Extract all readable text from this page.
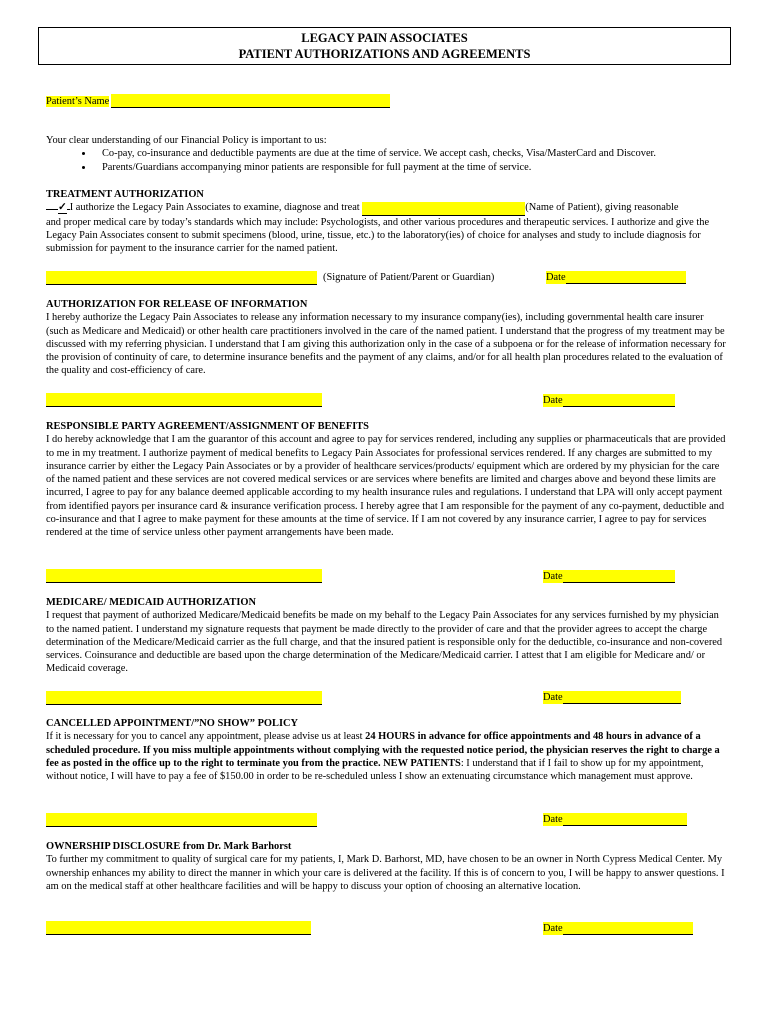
LEGACY PAIN ASSOCIATES
PATIENT AUTHORIZATIONS AND AGREEMENTS
Patient’s Name
Your clear understanding of our Financial Policy is important to us:
• Co-pay, co-insurance and deductible payments are due at the time of service. We accept cash, checks, Visa/MasterCard and Discover.
• Parents/Guardians accompanying minor patients are responsible for full payment at the time of service.
TREATMENT AUTHORIZATION
✓ I authorize the Legacy Pain Associates to examine, diagnose and treat	(Name of Patient), giving reasonable
and proper medical care by today’s standards which may include: Psychologists, and other various procedures and therapeutic services. I authorize and give the Legacy Pain Associates consent to submit specimens (blood, urine, tissue, etc.) to the laboratory(ies) of choice for analyses and study to include diagnosis for submission for payment to the insurance carrier for the named patient.
(Signature of Patient/Parent or Guardian)	Date
AUTHORIZATION FOR RELEASE OF INFORMATION
I hereby authorize the Legacy Pain Associates to release any information necessary to my insurance company(ies), including governmental health care insurer (such as Medicare and Medicaid) or other health care practitioners involved in the care of the named patient. I understand that the progress of my treatment may be discussed with my referring physician. I understand that I am giving this authorization only in the case of a subpoena or for the release of information necessary for the provision of continuity of care, to determine insurance benefits and the payment of any claims, and/or for all health plan procedures related to the evaluation of the quality and cost-efficiency of care.
Date
RESPONSIBLE PARTY AGREEMENT/ASSIGNMENT OF BENEFITS
I do hereby acknowledge that I am the guarantor of this account and agree to pay for services rendered, including any supplies or pharmaceuticals that are provided to me in my treatment. I authorize payment of medical benefits to Legacy Pain Associates for professional services rendered. If any charges are submitted to my insurance carrier by either the Legacy Pain Associates or by a provider of healthcare services/products/ equipment which are ordered by my physician for the care of the named patient and these services are not covered medical services or are services where benefits are limited and charges above and beyond these limits are incurred, I agree to pay for any balance deemed applicable according to my health insurance rules and regulations. I understand that LPA will only accept payment from identified payors per insurance card & insurance verification process. I hereby agree that I am responsible for the payment of any co-payment, deductible and co-insurance and that I agree to make payment for these amounts at the time of service. If I am not covered by any insurance carrier, I agree to pay for services rendered at the time of service unless other payment arrangements have been made.
Date
MEDICARE/ MEDICAID AUTHORIZATION
I request that payment of authorized Medicare/Medicaid benefits be made on my behalf to the Legacy Pain Associates for any services furnished by my physician to the named patient. I understand my signature requests that payment be made directly to the provider of care and that the provider agrees to accept the charge determination of the Medicare/Medicaid carrier as the full charge, and that the insured patient is responsible only for the deductible, co-insurance and non-covered services. Coinsurance and deductible are based upon the charge determination of the Medicare/Medicaid carrier. I attest that I am eligible for Medicare and/ or Medicaid coverage.
Date
CANCELLED APPOINTMENT/”NO SHOW” POLICY
If it is necessary for you to cancel any appointment, please advise us at least 24 HOURS in advance for office appointments and 48 hours in advance of a scheduled procedure. If you miss multiple appointments without complying with the requested notice period, the physician reserves the right to charge a fee as posted in the office up to the right to terminate you from the practice. NEW PATIENTS: I understand that if I fail to show up for my appointment, without notice, I will have to pay a fee of $150.00 in order to be re-scheduled unless I show an extenuating circumstance which management must approve.
Date
OWNERSHIP DISCLOSURE from Dr. Mark Barhorst
To further my commitment to quality of surgical care for my patients, I, Mark D. Barhorst, MD, have chosen to be an owner in North Cypress Medical Center. My ownership enhances my ability to direct the manner in which your care is delivered at the facility. If this is of concern to you, I will be happy to answer questions. I am on the medical staff at other healthcare facilities and will be happy to discuss your option of choosing an alternative location.
Date
